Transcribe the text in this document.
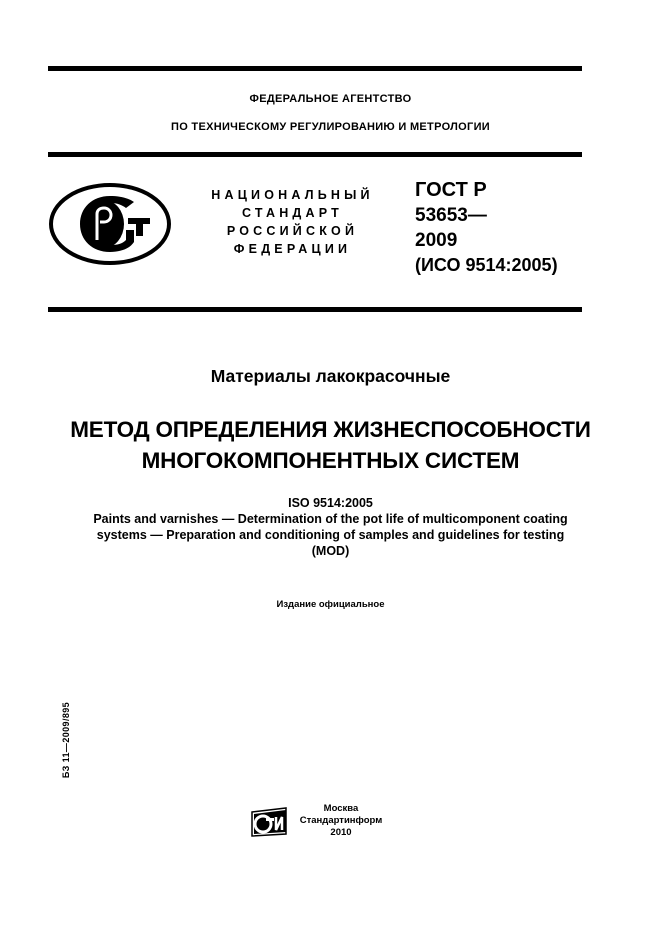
ФЕДЕРАЛЬНОЕ АГЕНТСТВО
ПО ТЕХНИЧЕСКОМУ РЕГУЛИРОВАНИЮ И МЕТРОЛОГИИ
НАЦИОНАЛЬНЫЙ
СТАНДАРТ
РОССИЙСКОЙ
ФЕДЕРАЦИИ
ГОСТ Р
53653—
2009
(ИСО 9514:2005)
Материалы лакокрасочные
МЕТОД ОПРЕДЕЛЕНИЯ ЖИЗНЕСПОСОБНОСТИ
МНОГОКОМПОНЕНТНЫХ СИСТЕМ
ISO 9514:2005
Paints and varnishes — Determination of the pot life of multicomponent coating
systems — Preparation and conditioning of samples and guidelines for testing
(MOD)
Издание официальное
БЗ 11—2009/895
Москва
Стандартинформ
2010
